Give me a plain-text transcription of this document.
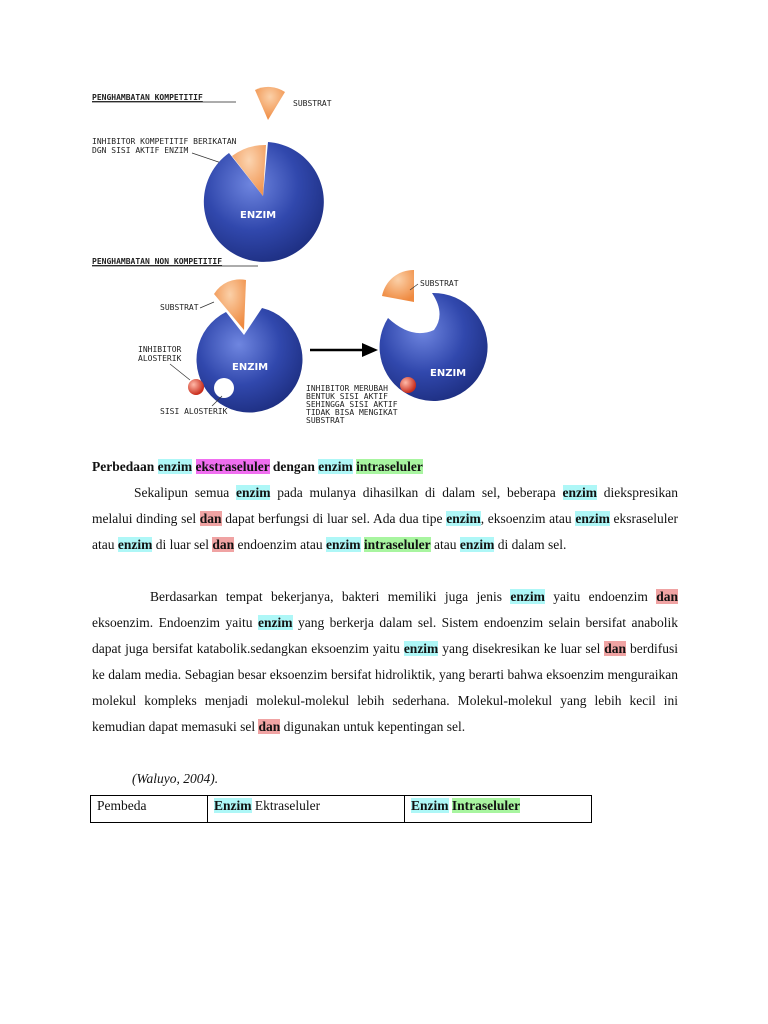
PENGHAMBATAN KOMPETITIF
SUBSTRAT
INHIBITOR KOMPETITIF BERIKATAN
DGN SISI AKTIF ENZIM
ENZIM
PENGHAMBATAN NON KOMPETITIF
SUBSTRAT
ENZIM
INHIBITOR
ALOSTERIK
SISI ALOSTERIK
SUBSTRAT
ENZIM
INHIBITOR MERUBAH
BENTUK SISI AKTIF
SEHINGGA SISI AKTIF
TIDAK BISA MENGIKAT
SUBSTRAT
Perbedaan enzim ekstraseluler dengan enzim intraseluler
Sekalipun semua enzim pada mulanya dihasilkan di dalam sel, beberapa enzim diekspresikan melalui dinding sel dan dapat berfungsi di luar sel. Ada dua tipe enzim, eksoenzim atau enzim eksraseluler atau enzim di luar sel dan endoenzim atau enzim intraseluler atau enzim di dalam sel.
Berdasarkan tempat bekerjanya, bakteri memiliki juga jenis enzim yaitu endoenzim dan eksoenzim. Endoenzim yaitu enzim yang berkerja dalam sel. Sistem endoenzim selain bersifat anabolik dapat juga bersifat katabolik.sedangkan eksoenzim yaitu enzim yang disekresikan ke luar sel dan berdifusi ke dalam media. Sebagian besar eksoenzim bersifat hidroliktik, yang berarti bahwa eksoenzim menguraikan molekul kompleks menjadi molekul-molekul lebih sederhana. Molekul-molekul yang lebih kecil ini kemudian dapat memasuki sel dan digunakan untuk kepentingan sel.
(Waluyo, 2004).
Pembeda	Enzim Ektraseluler	Enzim Intraseluler
